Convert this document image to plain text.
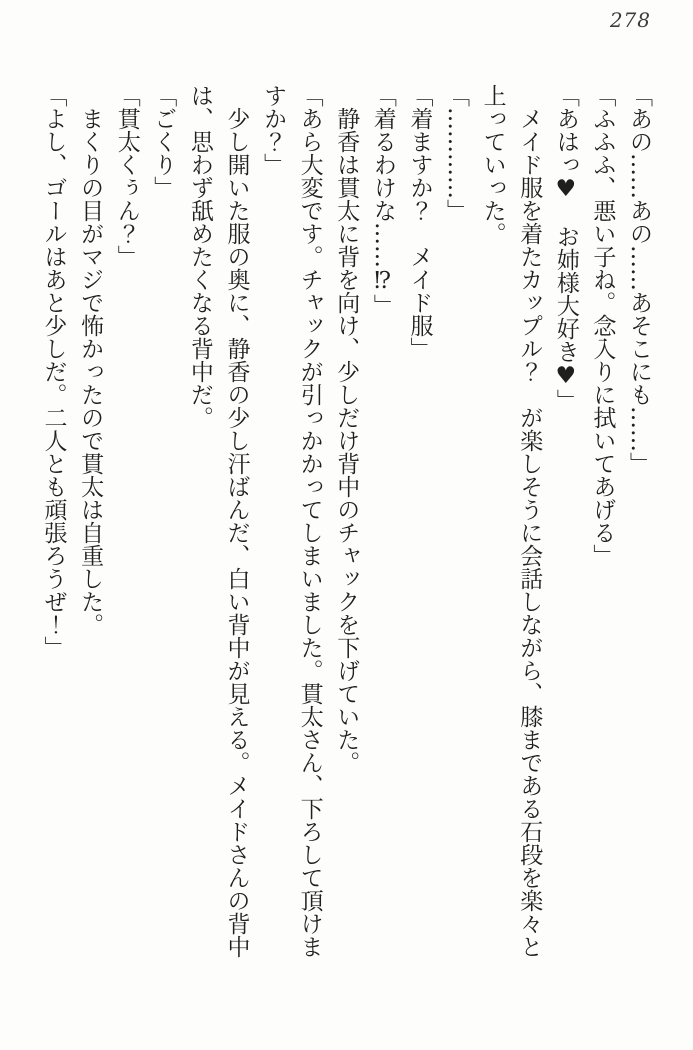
278

「あの……あの……あそこにも……」

「ふふふ、悪い子ね。念入りに拭いてあげる」

「あはっ♥　お姉様大好き♥」

　メイド服を着たカップル？　が楽しそうに会話しながら、膝まである石段を楽々と上っていった。

「…………」

「着ますか？　メイド服」

「着るわけな……⁉」

　静香は貫太に背を向け、少しだけ背中のチャックを下げていた。

「あら大変です。チャックが引っかかってしまいました。貫太さん、下ろして頂けますか？」

　少し開いた服の奥に、静香の少し汗ばんだ、白い背中が見える。メイドさんの背中は、思わず舐めたくなる背中だ。

「ごくり」

「貫太くぅん？」

　まくりの目がマジで怖かったので貫太は自重した。

「よし、ゴールはあと少しだ。二人とも頑張ろうぜ！」
